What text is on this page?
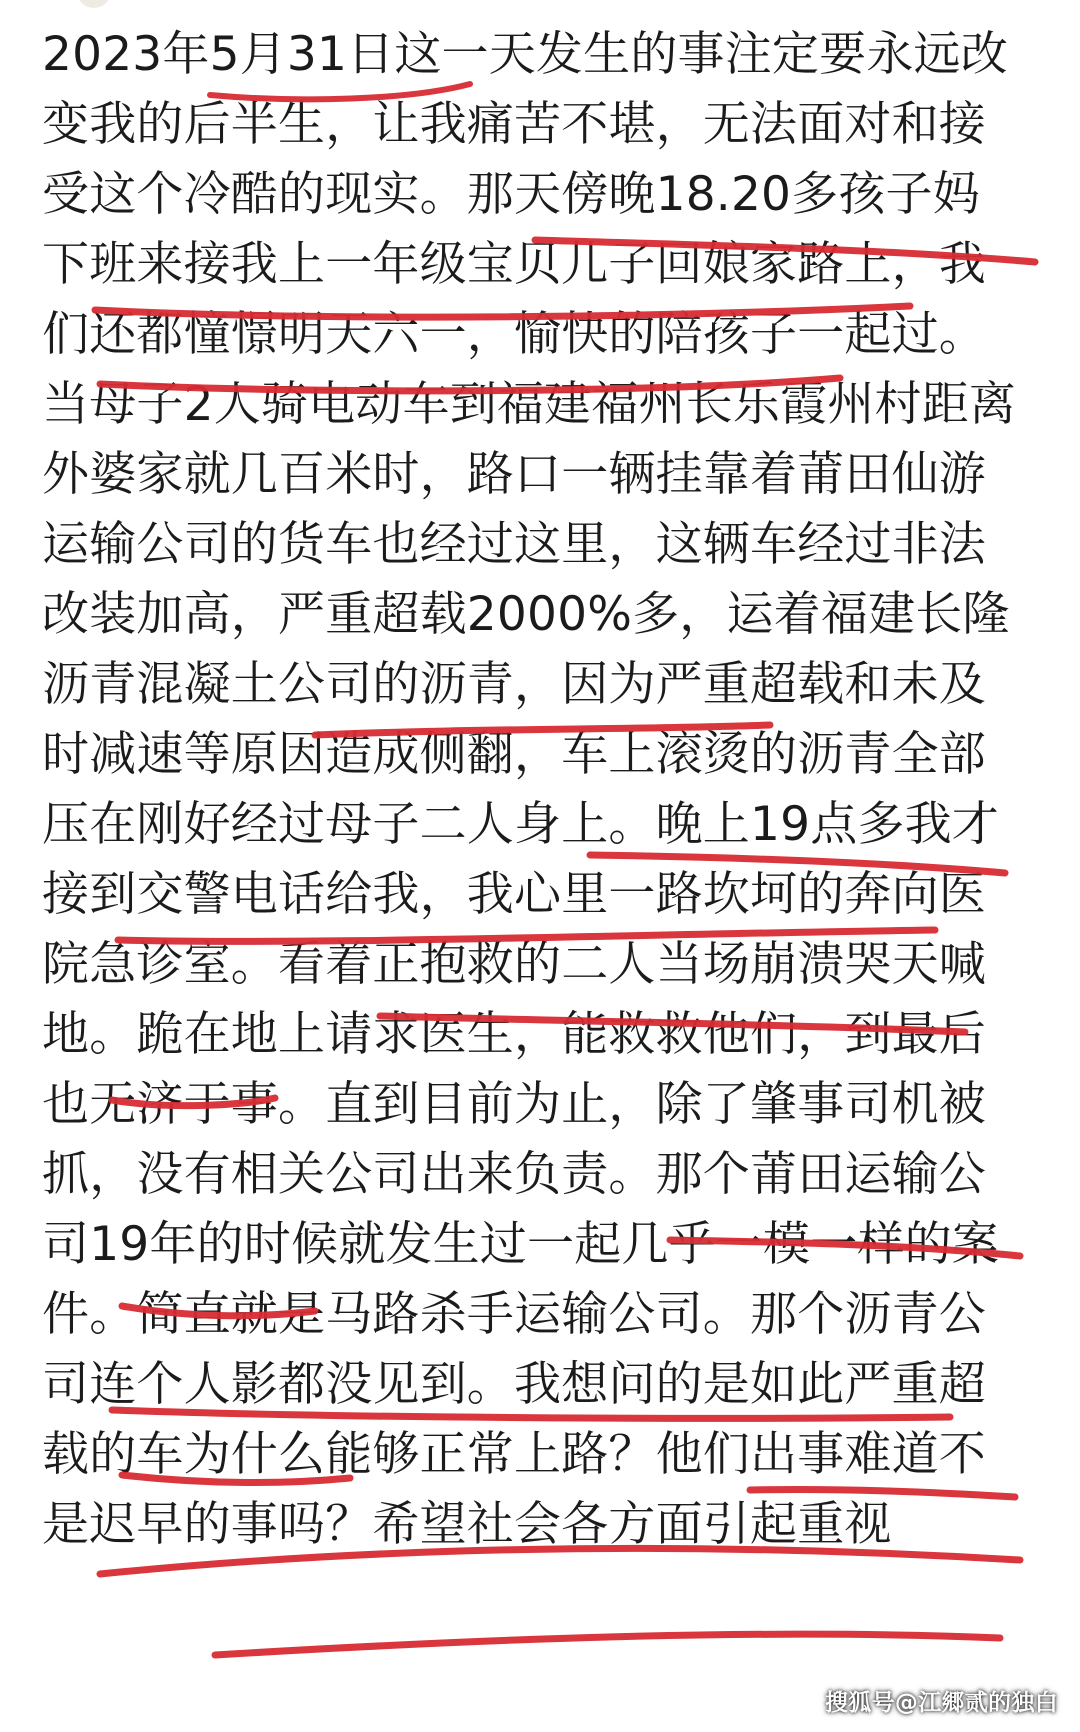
2023年5月31日这一天发生的事注定要永远改
变我的后半生，让我痛苦不堪，无法面对和接
受这个冷酷的现实。那天傍晚18.20多孩子妈
下班来接我上一年级宝贝儿子回娘家路上，我
们还都憧憬明天六一，愉快的陪孩子一起过。
当母子2人骑电动车到福建福州长乐霞州村距离
外婆家就几百米时，路口一辆挂靠着莆田仙游
运输公司的货车也经过这里，这辆车经过非法
改装加高，严重超载2000%多，运着福建长隆
沥青混凝土公司的沥青，因为严重超载和未及
时减速等原因造成侧翻，车上滚烫的沥青全部
压在刚好经过母子二人身上。晚上19点多我才
接到交警电话给我，我心里一路坎坷的奔向医
院急诊室。看着正抱救的二人当场崩溃哭天喊
地。跪在地上请求医生，能救救他们，到最后
也无济于事。直到目前为止，除了肇事司机被
抓，没有相关公司出来负责。那个莆田运输公
司19年的时候就发生过一起几乎一模一样的案
件。简直就是马路杀手运输公司。那个沥青公
司连个人影都没见到。我想问的是如此严重超
载的车为什么能够正常上路？他们出事难道不
是迟早的事吗？希望社会各方面引起重视
搜狐号@江郷贰的独白
